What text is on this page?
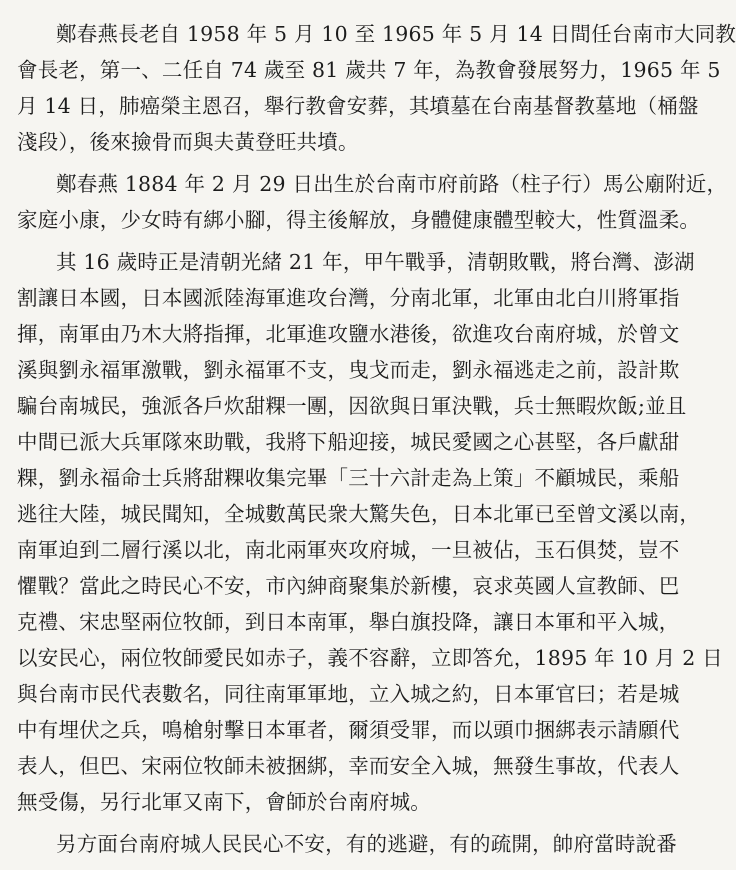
鄭春燕長老自 1958 年 5 月 10 至 1965 年 5 月 14 日間任台南市大同教
會長老，第一、二任自 74 歲至 81 歲共 7 年，為教會發展努力，1965 年 5
月 14 日，肺癌榮主恩召，舉行教會安葬，其墳墓在台南基督教墓地（桶盤
淺段），後來撿骨而與夫黃登旺共墳。
鄭春燕 1884 年 2 月 29 日出生於台南市府前路（柱子行）馬公廟附近，
家庭小康，少女時有綁小腳，得主後解放，身體健康體型較大，性質溫柔。
其 16 歲時正是清朝光緒 21 年，甲午戰爭，清朝敗戰，將台灣、澎湖
割讓日本國，日本國派陸海軍進攻台灣，分南北軍，北軍由北白川將軍指
揮，南軍由乃木大將指揮，北軍進攻鹽水港後，欲進攻台南府城，於曾文
溪與劉永福軍激戰，劉永福軍不支，曳戈而走，劉永福逃走之前，設計欺
騙台南城民，強派各戶炊甜粿一團，因欲與日軍決戰，兵士無暇炊飯;並且
中間已派大兵軍隊來助戰，我將下船迎接，城民愛國之心甚堅，各戶獻甜
粿，劉永福命士兵將甜粿收集完畢「三十六計走為上策」不顧城民，乘船
逃往大陸，城民聞知，全城數萬民衆大驚失色，日本北軍已至曾文溪以南，
南軍迫到二層行溪以北，南北兩軍夾攻府城，一旦被佔，玉石俱焚，豈不
懼戰？當此之時民心不安，市內紳商聚集於新樓，哀求英國人宣教師、巴
克禮、宋忠堅兩位牧師，到日本南軍，舉白旗投降，讓日本軍和平入城，
以安民心，兩位牧師愛民如赤子，義不容辭，立即答允，1895 年 10 月 2 日
與台南市民代表數名，同往南軍軍地，立入城之約，日本軍官曰；若是城
中有埋伏之兵，鳴槍射擊日本軍者，爾須受罪，而以頭巾捆綁表示請願代
表人，但巴、宋兩位牧師未被捆綁，幸而安全入城，無發生事故，代表人
無受傷，另行北軍又南下，會師於台南府城。
另方面台南府城人民民心不安，有的逃避，有的疏開，帥府當時說番
